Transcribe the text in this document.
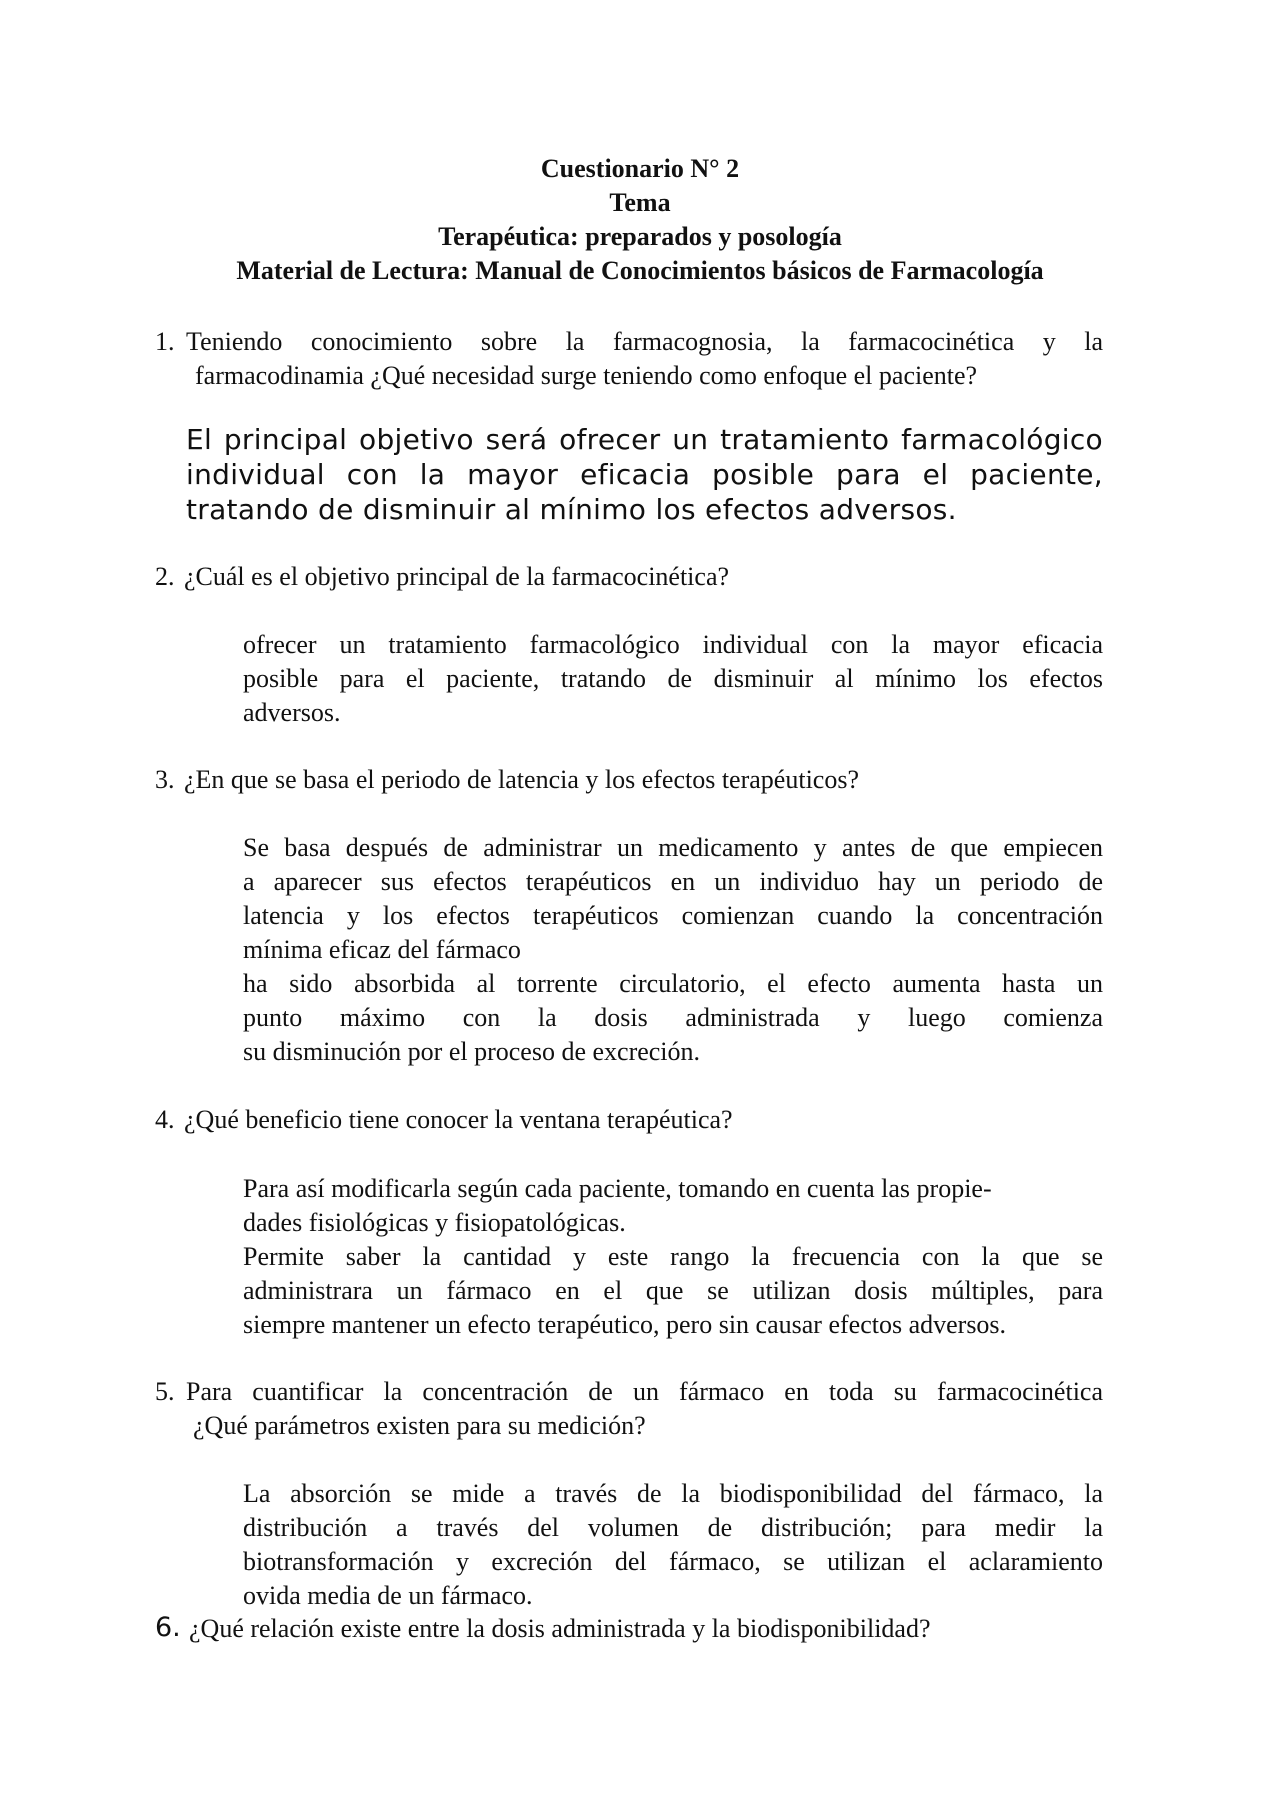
Cuestionario N° 2
Tema
Terapéutica: preparados y posología
Material de Lectura: Manual de Conocimientos básicos de Farmacología
1. Teniendo conocimiento sobre la farmacognosia, la farmacocinética y la
farmacodinamia ¿Qué necesidad surge teniendo como enfoque el paciente?
El principal objetivo será ofrecer un tratamiento farmacológico
individual con la mayor eficacia posible para el paciente,
tratando de disminuir al mínimo los efectos adversos.
2. ¿Cuál es el objetivo principal de la farmacocinética?
ofrecer un tratamiento farmacológico individual con la mayor eficacia
posible para el paciente, tratando de disminuir al mínimo los efectos
adversos.
3. ¿En que se basa el periodo de latencia y los efectos terapéuticos?
Se basa después de administrar un medicamento y antes de que empiecen
a aparecer sus efectos terapéuticos en un individuo hay un periodo de
latencia y los efectos terapéuticos comienzan cuando la concentración
mínima eficaz del fármaco
ha sido absorbida al torrente circulatorio, el efecto aumenta hasta un
punto máximo con la dosis administrada y luego comienza
su disminución por el proceso de excreción.
4. ¿Qué beneficio tiene conocer la ventana terapéutica?
Para así modificarla según cada paciente, tomando en cuenta las propie-
dades fisiológicas y fisiopatológicas.
Permite saber la cantidad y este rango la frecuencia con la que se
administrara un fármaco en el que se utilizan dosis múltiples, para
siempre mantener un efecto terapéutico, pero sin causar efectos adversos.
5. Para cuantificar la concentración de un fármaco en toda su farmacocinética
¿Qué parámetros existen para su medición?
La absorción se mide a través de la biodisponibilidad del fármaco, la
distribución a través del volumen de distribución; para medir la
biotransformación y excreción del fármaco, se utilizan el aclaramiento
ovida media de un fármaco.
6. ¿Qué relación existe entre la dosis administrada y la biodisponibilidad?
